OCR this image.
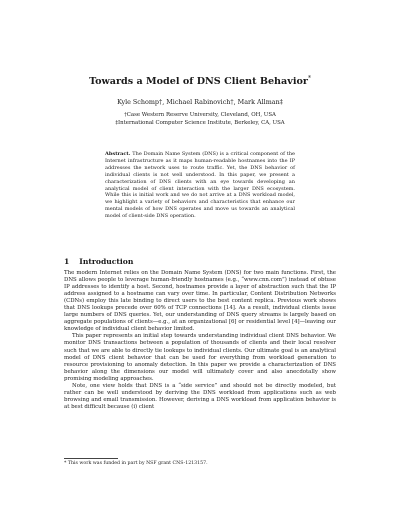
Towards a Model of DNS Client Behavior*
Kyle Schomp†, Michael Rabinovich†, Mark Allman‡
†Case Western Reserve University, Cleveland, OH, USA
‡International Computer Science Institute, Berkeley, CA, USA
Abstract. The Domain Name System (DNS) is a critical component of the Internet infrastructure as it maps human-readable hostnames into the IP addresses the network uses to route traffic. Yet, the DNS behavior of individual clients is not well understood. In this paper, we present a characterization of DNS clients with an eye towards developing an analytical model of client interaction with the larger DNS ecosystem. While this is initial work and we do not arrive at a DNS workload model, we highlight a variety of behaviors and characteristics that enhance our mental models of how DNS operates and move us towards an analytical model of client-side DNS operation.
1 Introduction

The modern Internet relies on the Domain Name System (DNS) for two main functions. First, the DNS allows people to leverage human-friendly hostnames (e.g., “www.cnn.com”) instead of obtuse IP addresses to identify a host. Second, hostnames provide a layer of abstraction such that the IP address assigned to a hostname can vary over time. In particular, Content Distribution Networks (CDNs) employ this late binding to direct users to the best content replica. Previous work shows that DNS lookups precede over 60% of TCP connections [14]. As a result, individual clients issue large numbers of DNS queries. Yet, our understanding of DNS query streams is largely based on aggregate populations of clients—e.g., at an organizational [6] or residential level [4]—leaving our knowledge of individual client behavior limited.

This paper represents an initial step towards understanding individual client DNS behavior. We monitor DNS transactions between a population of thousands of clients and their local resolver such that we are able to directly tie lookups to individual clients. Our ultimate goal is an analytical model of DNS client behavior that can be used for everything from workload generation to resource provisioning to anomaly detection. In this paper we provide a characterization of DNS behavior along the dimensions our model will ultimately cover and also anecdotally show promising modeling approaches.

Note, one view holds that DNS is a “side service” and should not be directly modeled, but rather can be well understood by deriving the DNS workload from applications such as web browsing and email transmission. However, deriving a DNS workload from application behavior is at best difficult because (i) client

* This work was funded in part by NSF grant CNS-1213157.
